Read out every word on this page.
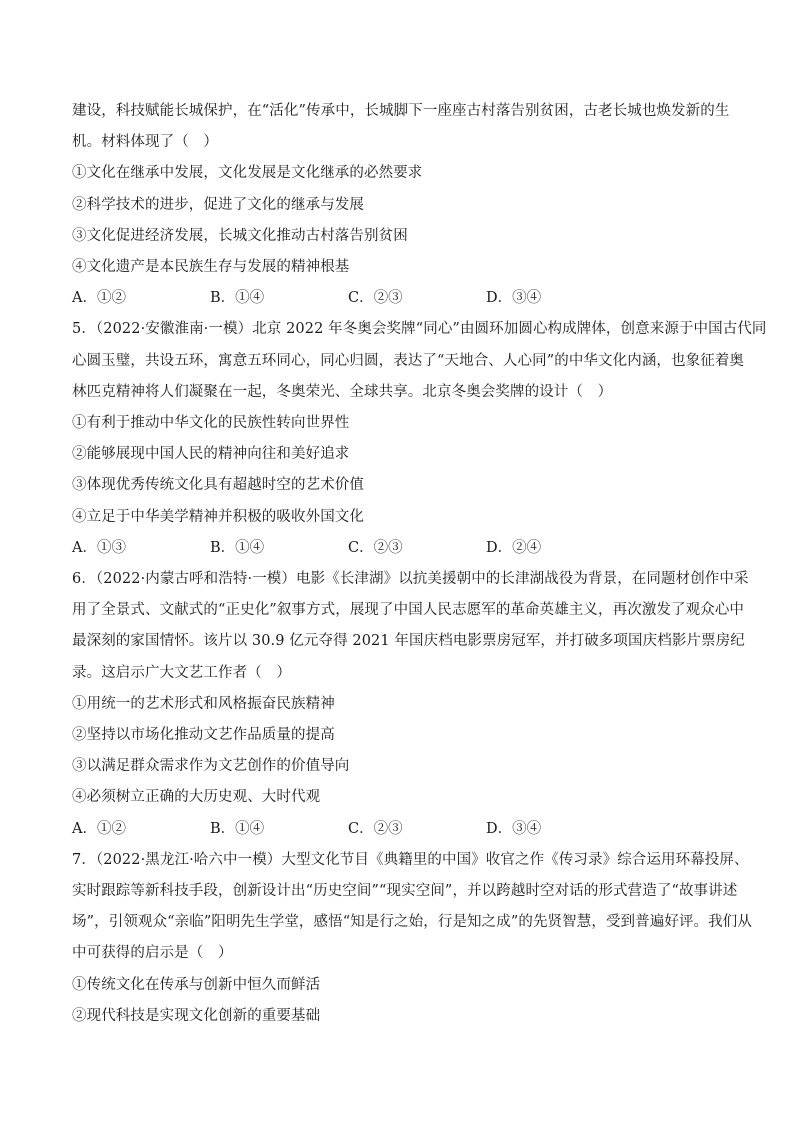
建设，科技赋能长城保护，在“活化”传承中，长城脚下一座座古村落告别贫困，古老长城也焕发新的生
机。材料体现了（　）
①文化在继承中发展，文化发展是文化继承的必然要求
②科学技术的进步，促进了文化的继承与发展
③文化促进经济发展，长城文化推动古村落告别贫困
④文化遗产是本民族生存与发展的精神根基
A．①②	B．①④	C．②③	D．③④
5．（2022·安徽淮南·一模）北京 2022 年冬奥会奖牌“同心”由圆环加圆心构成牌体，创意来源于中国古代同
心圆玉璧，共设五环，寓意五环同心，同心归圆，表达了“天地合、人心同”的中华文化内涵，也象征着奥
林匹克精神将人们凝聚在一起，冬奥荣光、全球共享。北京冬奥会奖牌的设计（　）
①有利于推动中华文化的民族性转向世界性
②能够展现中国人民的精神向往和美好追求
③体现优秀传统文化具有超越时空的艺术价值
④立足于中华美学精神并积极的吸收外国文化
A．①③	B．①④	C．②③	D．②④
6．（2022·内蒙古呼和浩特·一模）电影《长津湖》以抗美援朝中的长津湖战役为背景，在同题材创作中采
用了全景式、文献式的“正史化”叙事方式，展现了中国人民志愿军的革命英雄主义，再次激发了观众心中
最深刻的家国情怀。该片以 30.9 亿元夺得 2021 年国庆档电影票房冠军，并打破多项国庆档影片票房纪
录。这启示广大文艺工作者（　）
①用统一的艺术形式和风格振奋民族精神
②坚持以市场化推动文艺作品质量的提高
③以满足群众需求作为文艺创作的价值导向
④必须树立正确的大历史观、大时代观
A．①②	B．①④	C．②③	D．③④
7．（2022·黑龙江·哈六中一模）大型文化节目《典籍里的中国》收官之作《传习录》综合运用环幕投屏、
实时跟踪等新科技手段，创新设计出“历史空间”“现实空间”，并以跨越时空对话的形式营造了“故事讲述
场”，引领观众“亲临”阳明先生学堂，感悟“知是行之始，行是知之成”的先贤智慧，受到普遍好评。我们从
中可获得的启示是（　）
①传统文化在传承与创新中恒久而鲜活
②现代科技是实现文化创新的重要基础
